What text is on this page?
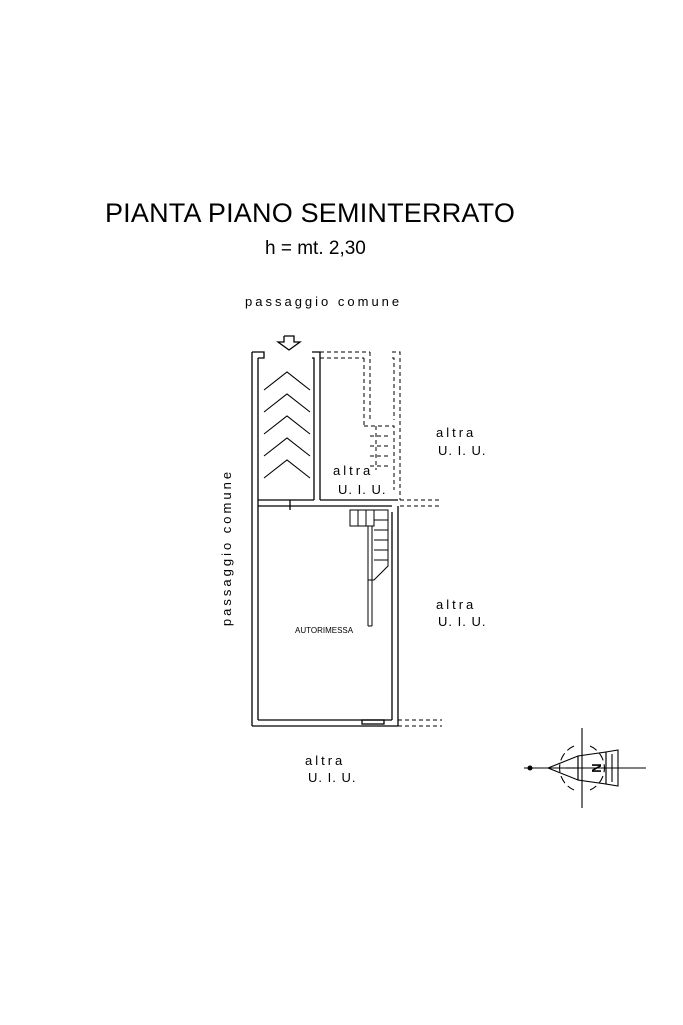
PIANTA PIANO SEMINTERRATO
h = mt. 2,30
passaggio comune
passaggio comune	altra
U. I. U.
altra
U. I. U.
altra
U. I. U.
altra
U. I. U.
AUTORIMESSA
N
